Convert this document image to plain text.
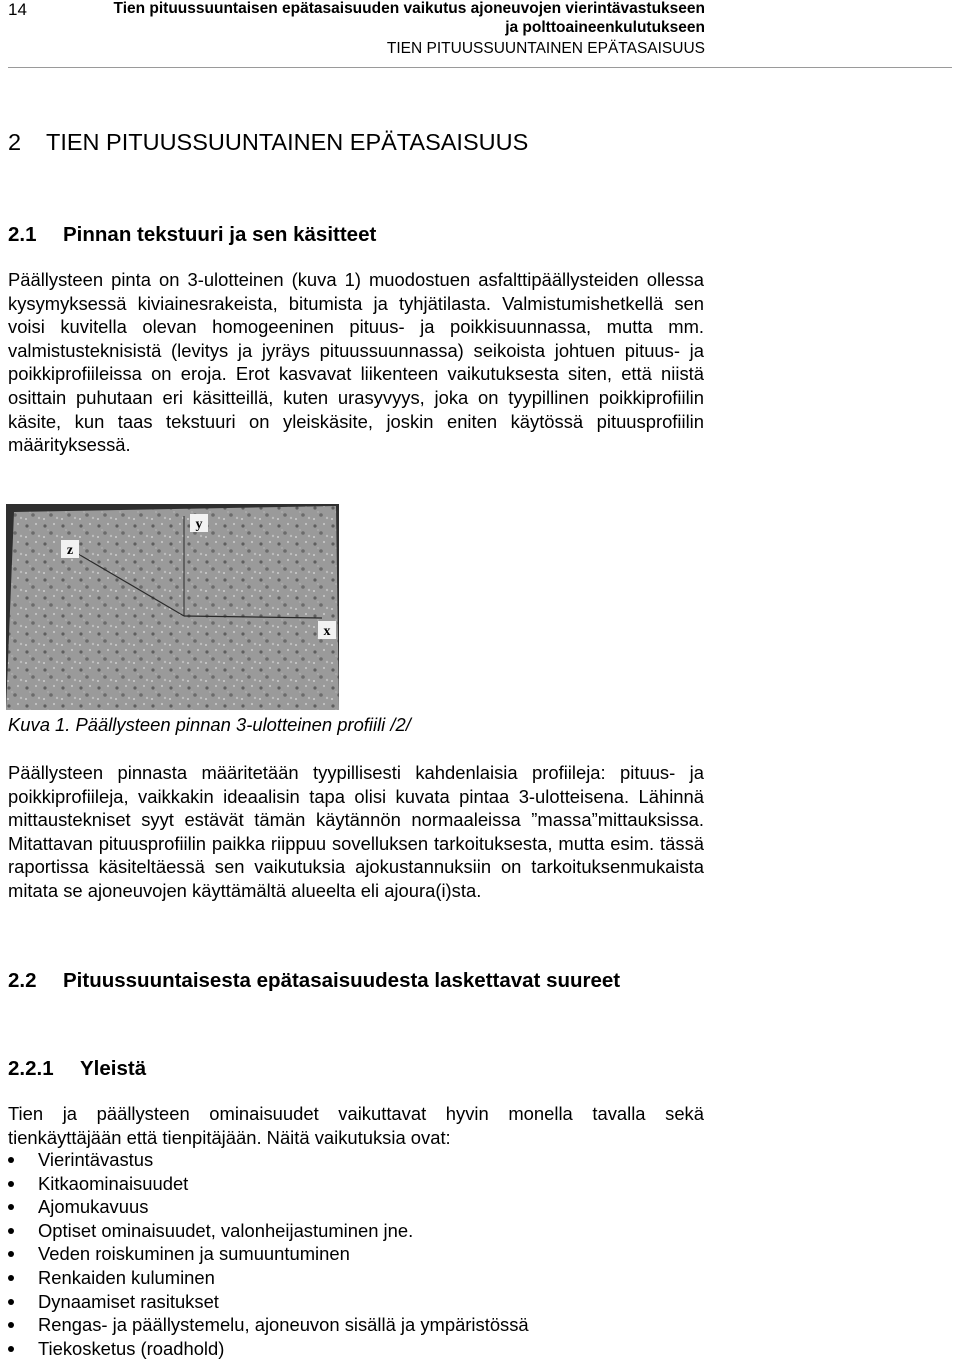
14	Tien pituussuuntaisen epätasaisuuden vaikutus ajoneuvojen vierintävastukseen
ja polttoaineenkulutukseen
TIEN PITUUSSUUNTAINEN EPÄTASAISUUS
2 TIEN PITUUSSUUNTAINEN EPÄTASAISUUS
2.1 Pinnan tekstuuri ja sen käsitteet
Päällysteen pinta on 3-ulotteinen (kuva 1) muodostuen asfalttipäällysteiden ollessa kysymyksessä kiviainesrakeista, bitumista ja tyhjätilasta. Valmistumishetkellä sen voisi kuvitella olevan homogeeninen pituus- ja poikkisuunnassa, mutta mm. valmistusteknisistä (levitys ja jyräys pituussuunnassa) seikoista johtuen pituus- ja poikkiprofiileissa on eroja. Erot kasvavat liikenteen vaikutuksesta siten, että niistä osittain puhutaan eri käsitteillä, kuten urasyvyys, joka on tyypillinen poikkiprofiilin käsite, kun taas tekstuuri on yleiskäsite, joskin eniten käytössä pituusprofiilin määrityksessä.
z
y
x
Kuva 1. Päällysteen pinnan 3-ulotteinen profiili /2/
Päällysteen pinnasta määritetään tyypillisesti kahdenlaisia profiileja: pituus- ja poikkiprofiileja, vaikkakin ideaalisin tapa olisi kuvata pintaa 3-ulotteisena. Lähinnä mittaustekniset syyt estävät tämän käytännön normaaleissa ”massa”mittauksissa. Mitattavan pituusprofiilin paikka riippuu sovelluksen tarkoituksesta, mutta esim. tässä raportissa käsiteltäessä sen vaikutuksia ajokustannuksiin on tarkoituksenmukaista mitata se ajoneuvojen käyttämältä alueelta eli ajoura(i)sta.
2.2 Pituussuuntaisesta epätasaisuudesta laskettavat suureet
2.2.1 Yleistä
Tien ja päällysteen ominaisuudet vaikuttavat hyvin monella tavalla sekä tienkäyttäjään että tienpitäjään. Näitä vaikutuksia ovat:
Vierintävastus
Kitkaominaisuudet
Ajomukavuus
Optiset ominaisuudet, valonheijastuminen jne.
Veden roiskuminen ja sumuuntuminen
Renkaiden kuluminen
Dynaamiset rasitukset
Rengas- ja päällystemelu, ajoneuvon sisällä ja ympäristössä
Tiekosketus (roadhold)
